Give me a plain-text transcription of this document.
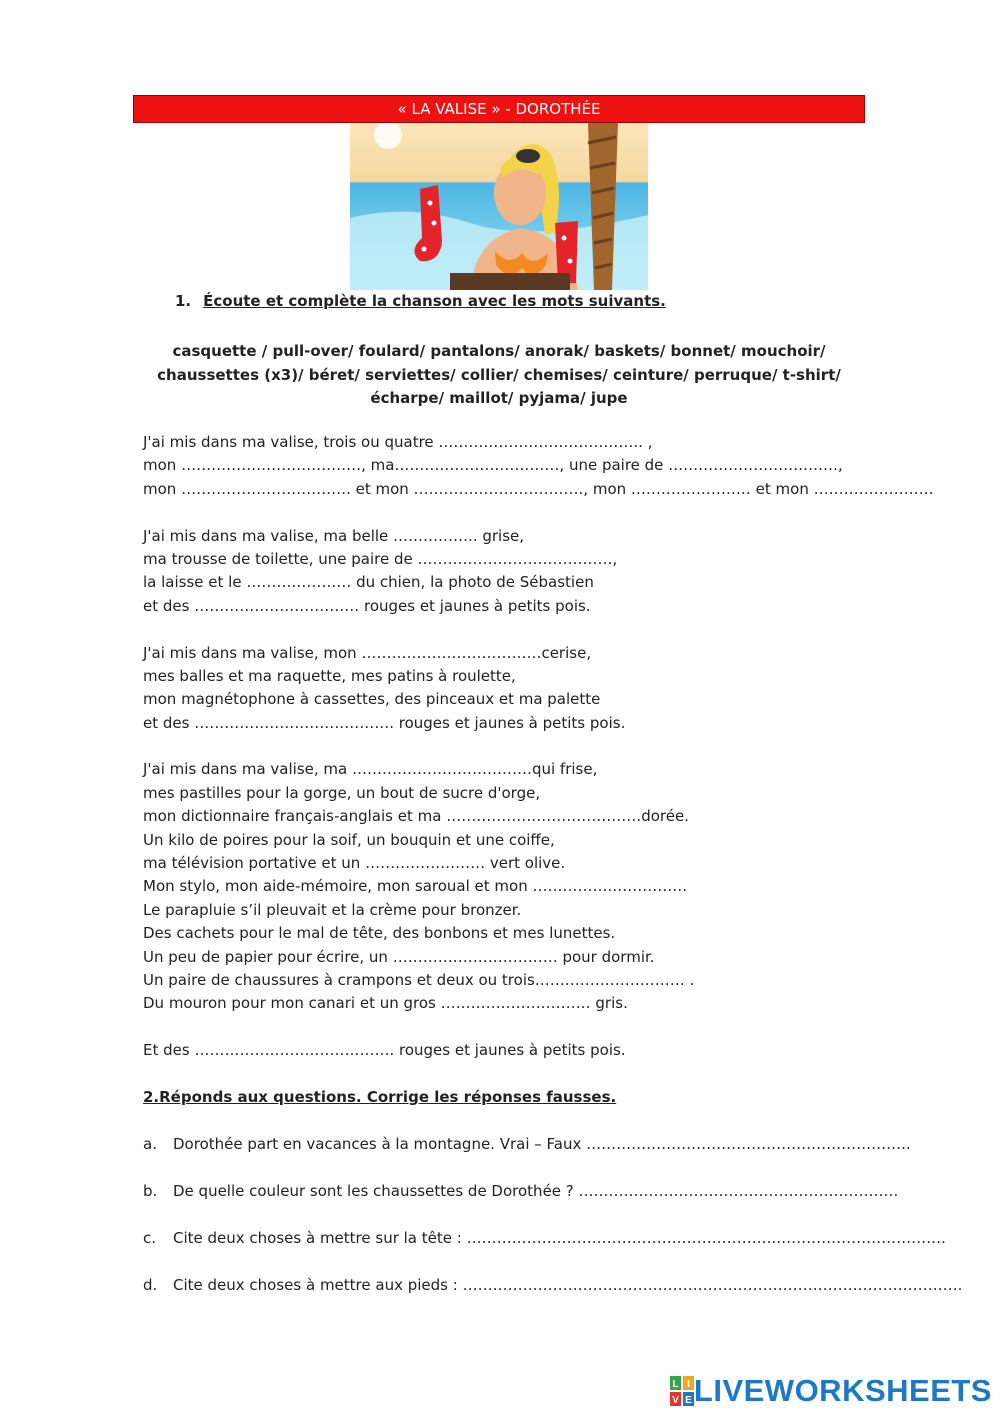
« LA VALISE » - DOROTHÉE
1. Écoute et complète la chanson avec les mots suivants.
casquette / pull-over/ foulard/ pantalons/ anorak/ baskets/ bonnet/ mouchoir/
chaussettes (x3)/ béret/ serviettes/ collier/ chemises/ ceinture/ perruque/ t-shirt/
écharpe/ maillot/ pyjama/ jupe
J'ai mis dans ma valise, trois ou quatre ………………………………….. ,
mon ………………………………, ma……………………………, une paire de ……………………….……,
mon ……………………………. et mon ……………………………., mon …………………… et mon ……………………
J'ai mis dans ma valise, ma belle …………….. grise,
ma trousse de toilette, une paire de …………………………………,
la laisse et le ………………… du chien, la photo de Sébastien
et des …………………………… rouges et jaunes à petits pois.
J'ai mis dans ma valise, mon ………………………………cerise,
mes balles et ma raquette, mes patins à roulette,
mon magnétophone à cassettes, des pinceaux et ma palette
et des …………………………………. rouges et jaunes à petits pois.
J'ai mis dans ma valise, ma ………………………………qui frise,
mes pastilles pour la gorge, un bout de sucre d'orge,
mon dictionnaire français-anglais et ma …………………………………dorée.
Un kilo de poires pour la soif, un bouquin et une coiffe,
ma télévision portative et un …………………… vert olive.
Mon stylo, mon aide-mémoire, mon saroual et mon …………….……………
Le parapluie s’il pleuvait et la crème pour bronzer.
Des cachets pour le mal de tête, des bonbons et mes lunettes.
Un peu de papier pour écrire, un …………………………… pour dormir.
Un paire de chaussures à crampons et deux ou trois………………………… .
Du mouron pour mon canari et un gros ………………………… gris.
Et des …………………………………. rouges et jaunes à petits pois.
2.Réponds aux questions. Corrige les réponses fausses.
a. Dorothée part en vacances à la montagne. Vrai – Faux ………………………………………………………..
b. De quelle couleur sont les chaussettes de Dorothée ? ……………………………………………………….
c. Cite deux choses à mettre sur la tête : ……………………………………………………..…………………………….
d. Cite deux choses à mettre aux pieds : ……………………………………………………………………………………….
L I
V E LIVEWORKSHEETS
